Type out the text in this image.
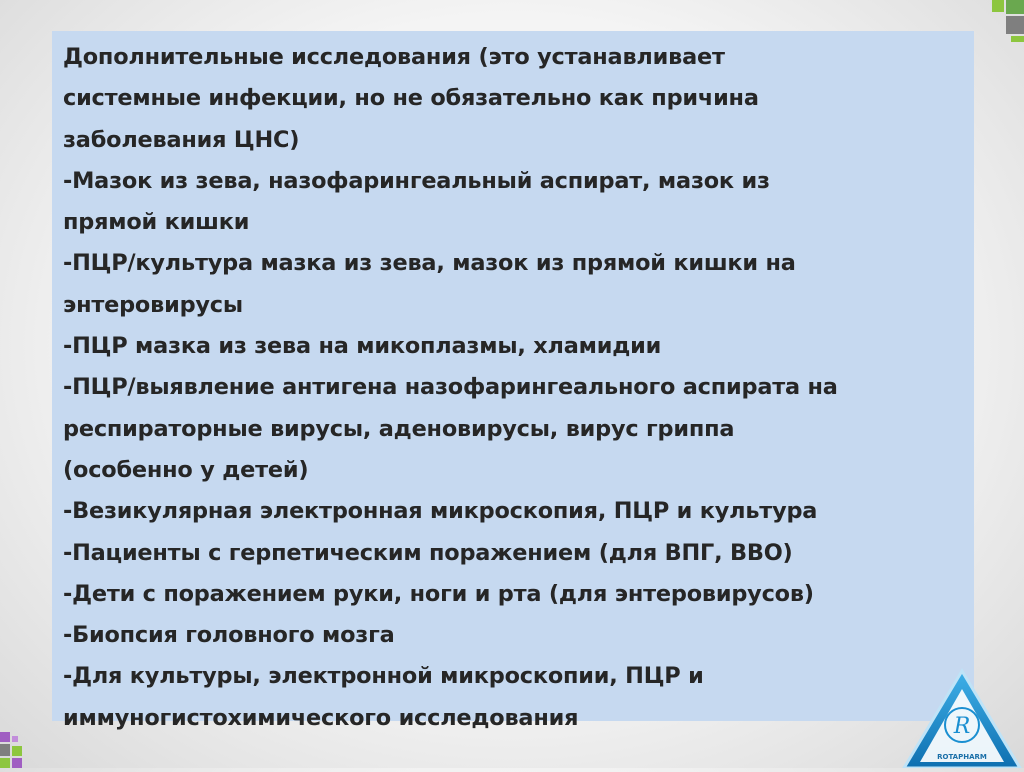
Дополнительные исследования (это устанавливает
системные инфекции, но не обязательно как причина
заболевания ЦНС)
-Мазок из зева, назофарингеальный аспират, мазок из
прямой кишки
-ПЦР/культура мазка из зева, мазок из прямой кишки на
энтеровирусы
-ПЦР мазка из зева на микоплазмы, хламидии
-ПЦР/выявление антигена назофарингеального аспирата на
респираторные вирусы, аденовирусы, вирус гриппа
(особенно у детей)
-Везикулярная электронная микроскопия, ПЦР и культура
-Пациенты с герпетическим поражением (для ВПГ, ВВО)
-Дети с поражением руки, ноги и рта (для энтеровирусов)
-Биопсия головного мозга
-Для культуры, электронной микроскопии, ПЦР и
иммуногистохимического исследования	R
ROTAPHARM
